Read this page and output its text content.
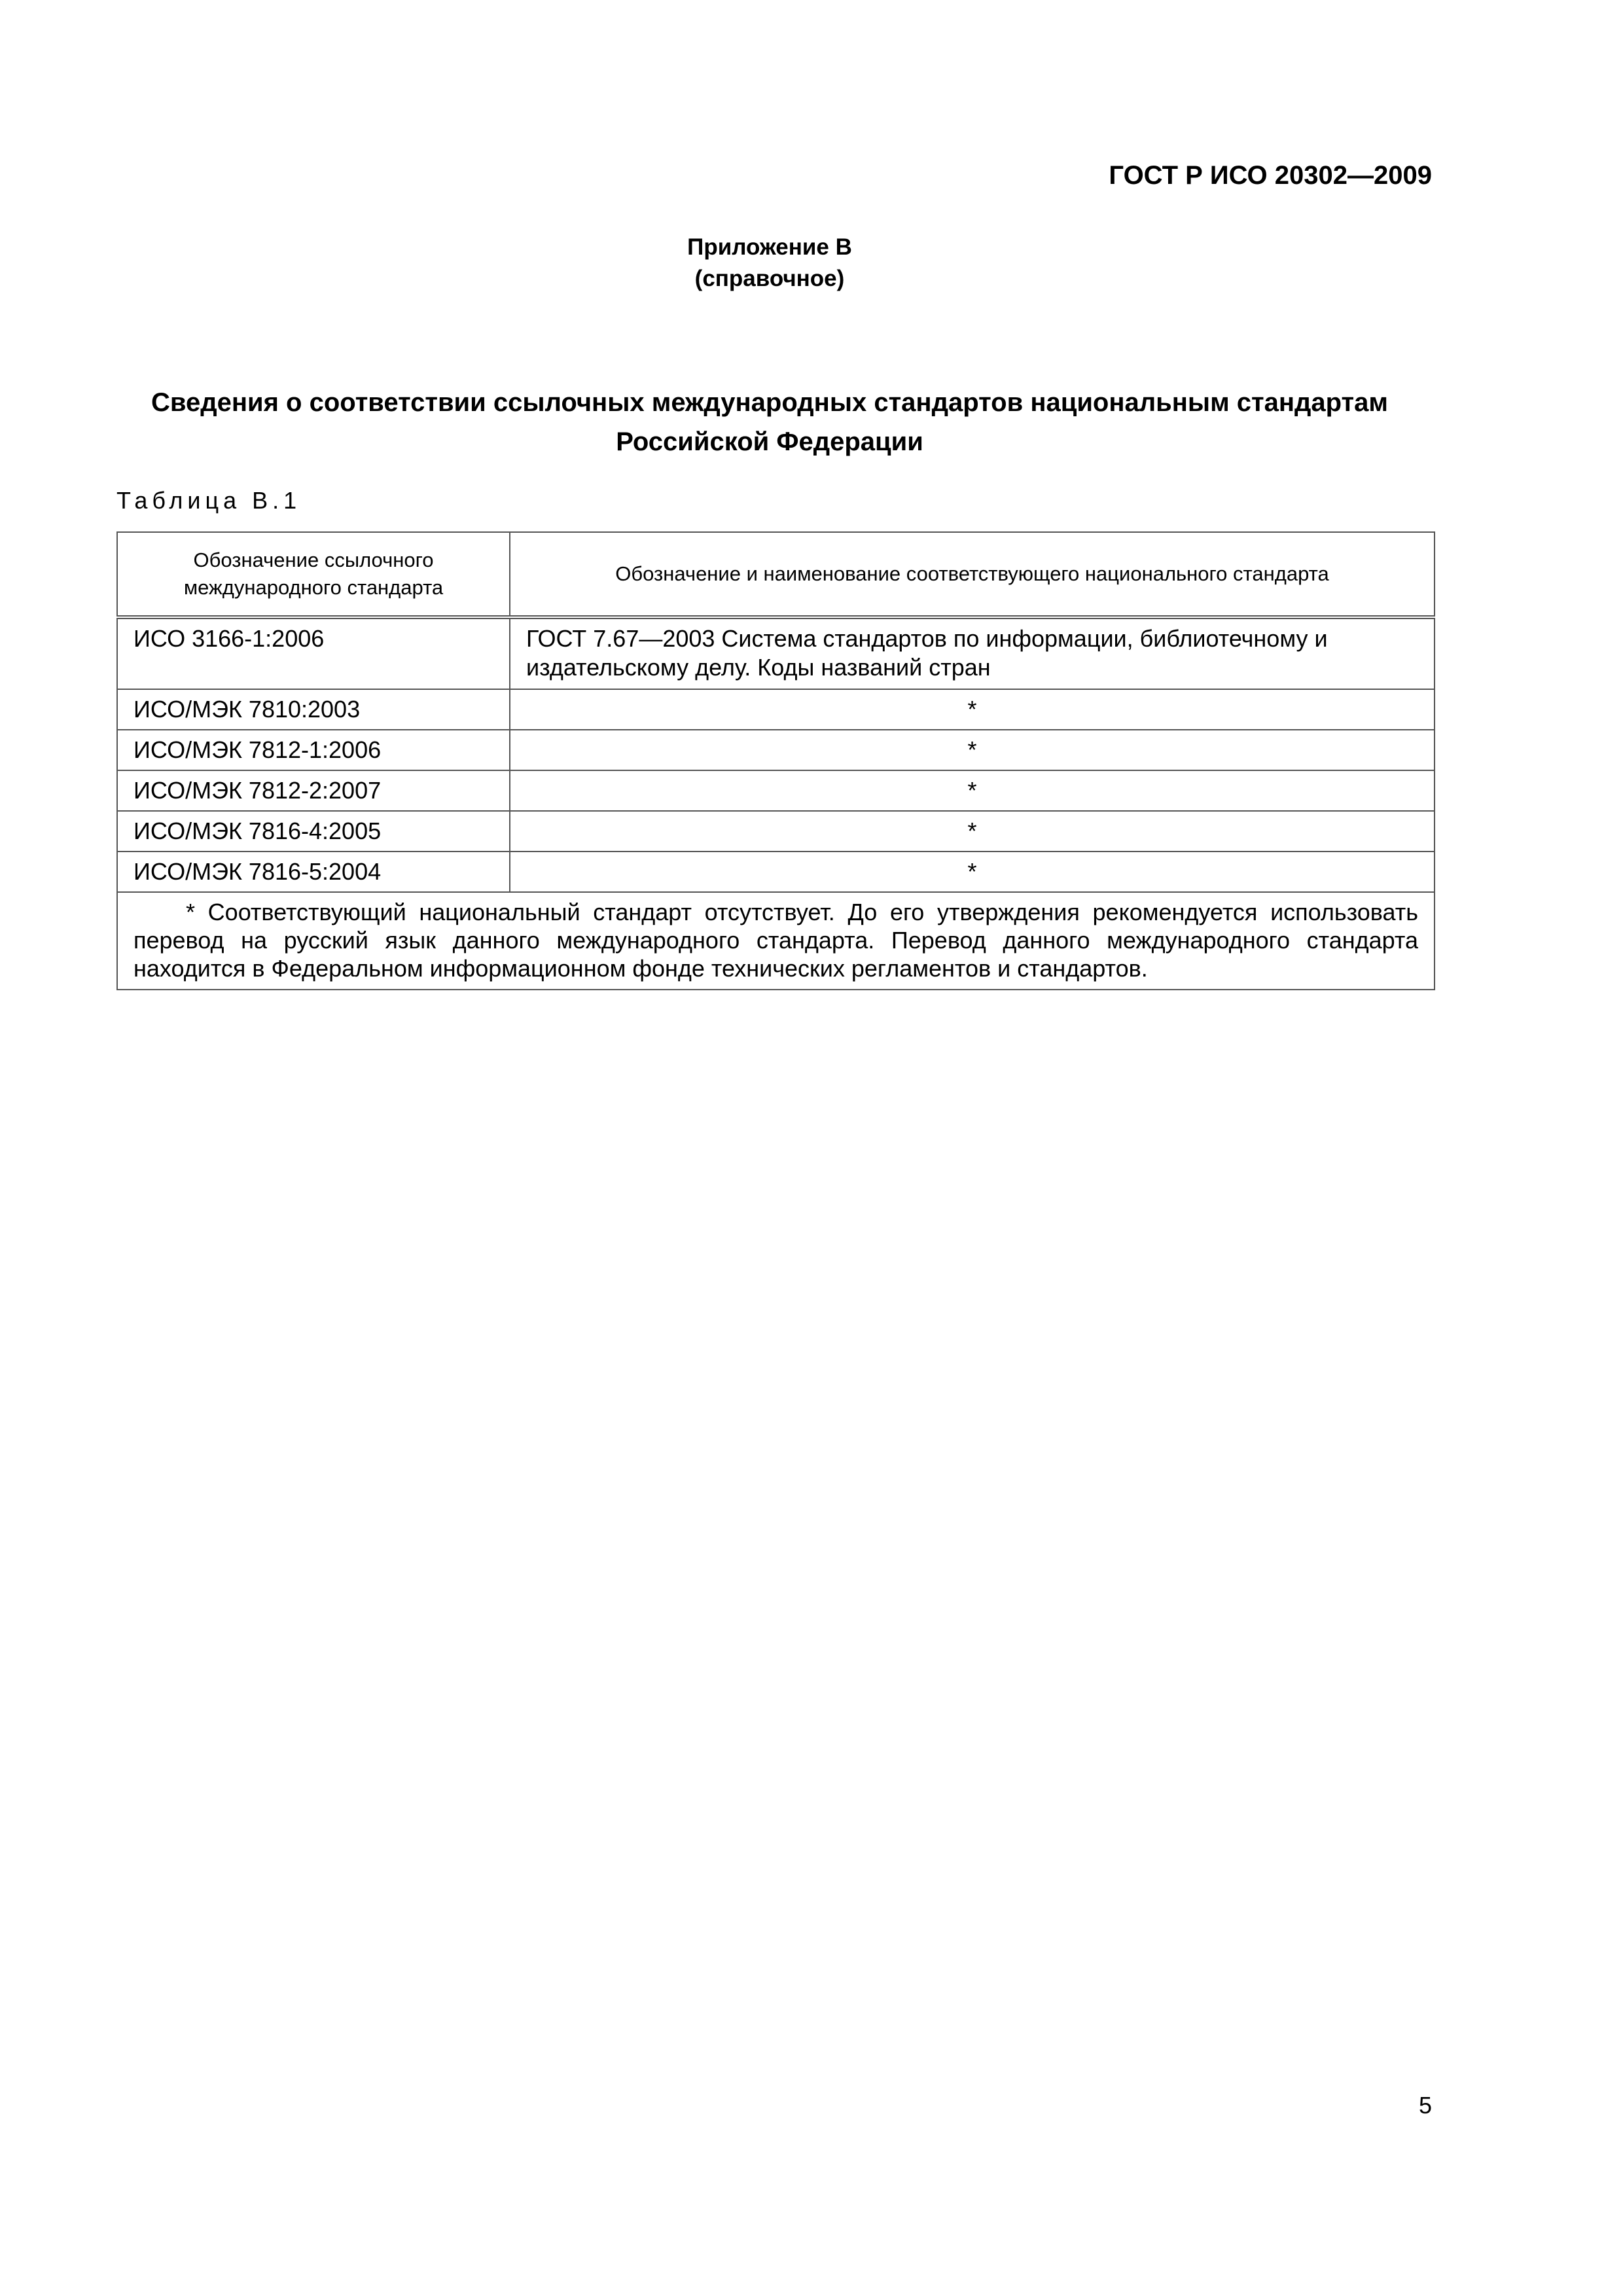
ГОСТ Р ИСО 20302—2009
Приложение В
(справочное)
Сведения о соответствии ссылочных международных стандартов национальным стандартам
Российской Федерации
Таблица В.1
Обозначение ссылочного международного стандарта	Обозначение и наименование соответствующего национального стандарта
ИСО 3166-1:2006	ГОСТ 7.67—2003 Система стандартов по информации, библиотечному и издательскому делу. Коды названий стран
ИСО/МЭК 7810:2003	*
ИСО/МЭК 7812-1:2006	*
ИСО/МЭК 7812-2:2007	*
ИСО/МЭК 7816-4:2005	*
ИСО/МЭК 7816-5:2004	*
* Соответствующий национальный стандарт отсутствует. До его утверждения рекомендуется использовать перевод на русский язык данного международного стандарта. Перевод данного международного стандарта находится в Федеральном информационном фонде технических регламентов и стандартов.	
5
